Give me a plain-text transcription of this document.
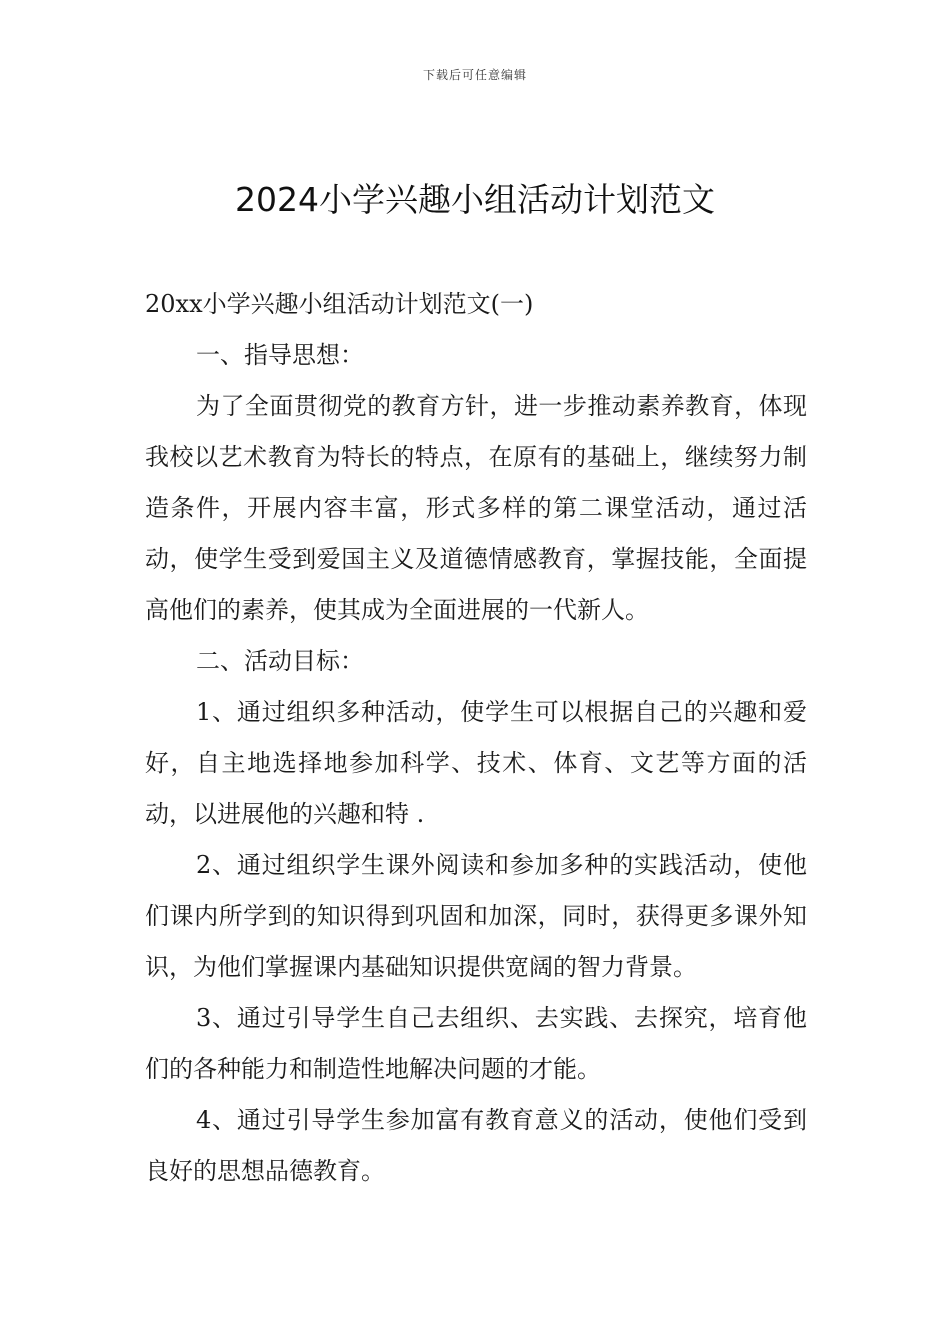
下载后可任意编辑
2024小学兴趣小组活动计划范文

20xx小学兴趣小组活动计划范文(一)

一、指导思想：

为了全面贯彻党的教育方针，进一步推动素养教育，体现我校以艺术教育为特长的特点，在原有的基础上，继续努力制造条件，开展内容丰富，形式多样的第二课堂活动，通过活动，使学生受到爱国主义及道德情感教育，掌握技能，全面提高他们的素养，使其成为全面进展的一代新人。

二、活动目标：

1、通过组织多种活动，使学生可以根据自己的兴趣和爱好，自主地选择地参加科学、技术、体育、文艺等方面的活动，以进展他的兴趣和特 .

2、通过组织学生课外阅读和参加多种的实践活动，使他们课内所学到的知识得到巩固和加深，同时，获得更多课外知识，为他们掌握课内基础知识提供宽阔的智力背景。

3、通过引导学生自己去组织、去实践、去探究，培育他们的各种能力和制造性地解决问题的才能。

4、通过引导学生参加富有教育意义的活动，使他们受到良好的思想品德教育。
